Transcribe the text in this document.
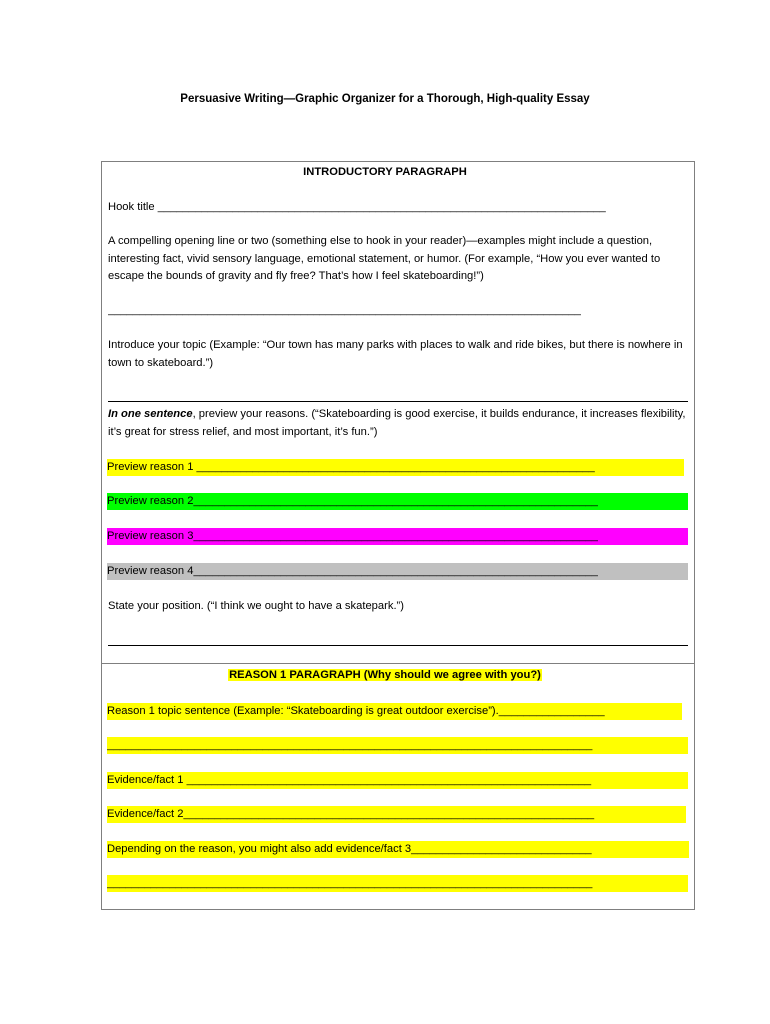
Persuasive Writing—Graphic Organizer for a Thorough, High-quality Essay
INTRODUCTORY PARAGRAPH
Hook title ________________________________________________________________________
A compelling opening line or two (something else to hook in your reader)—examples might include a question, interesting fact, vivid sensory language, emotional statement, or humor. (For example, “How you ever wanted to escape the bounds of gravity and fly free? That’s how I feel skateboarding!”)
____________________________________________________________________________
Introduce your topic (Example: “Our town has many parks with places to walk and ride bikes, but there is nowhere in town to skateboard.”)
In one sentence, preview your reasons. (“Skateboarding is good exercise, it builds endurance, it increases flexibility, it’s great for stress relief, and most important, it’s fun.”)
Preview reason 1 ________________________________________________________________
Preview reason 2_________________________________________________________________
Preview reason 3_________________________________________________________________
Preview reason 4_________________________________________________________________
State your position. (“I think we ought to have a skatepark.”)
REASON 1 PARAGRAPH (Why should we agree with you?)
Reason 1 topic sentence (Example: “Skateboarding is great outdoor exercise”)._________________
______________________________________________________________________________
Evidence/fact 1 _________________________________________________________________
Evidence/fact 2__________________________________________________________________
Depending on the reason, you might also add evidence/fact 3_____________________________
______________________________________________________________________________
